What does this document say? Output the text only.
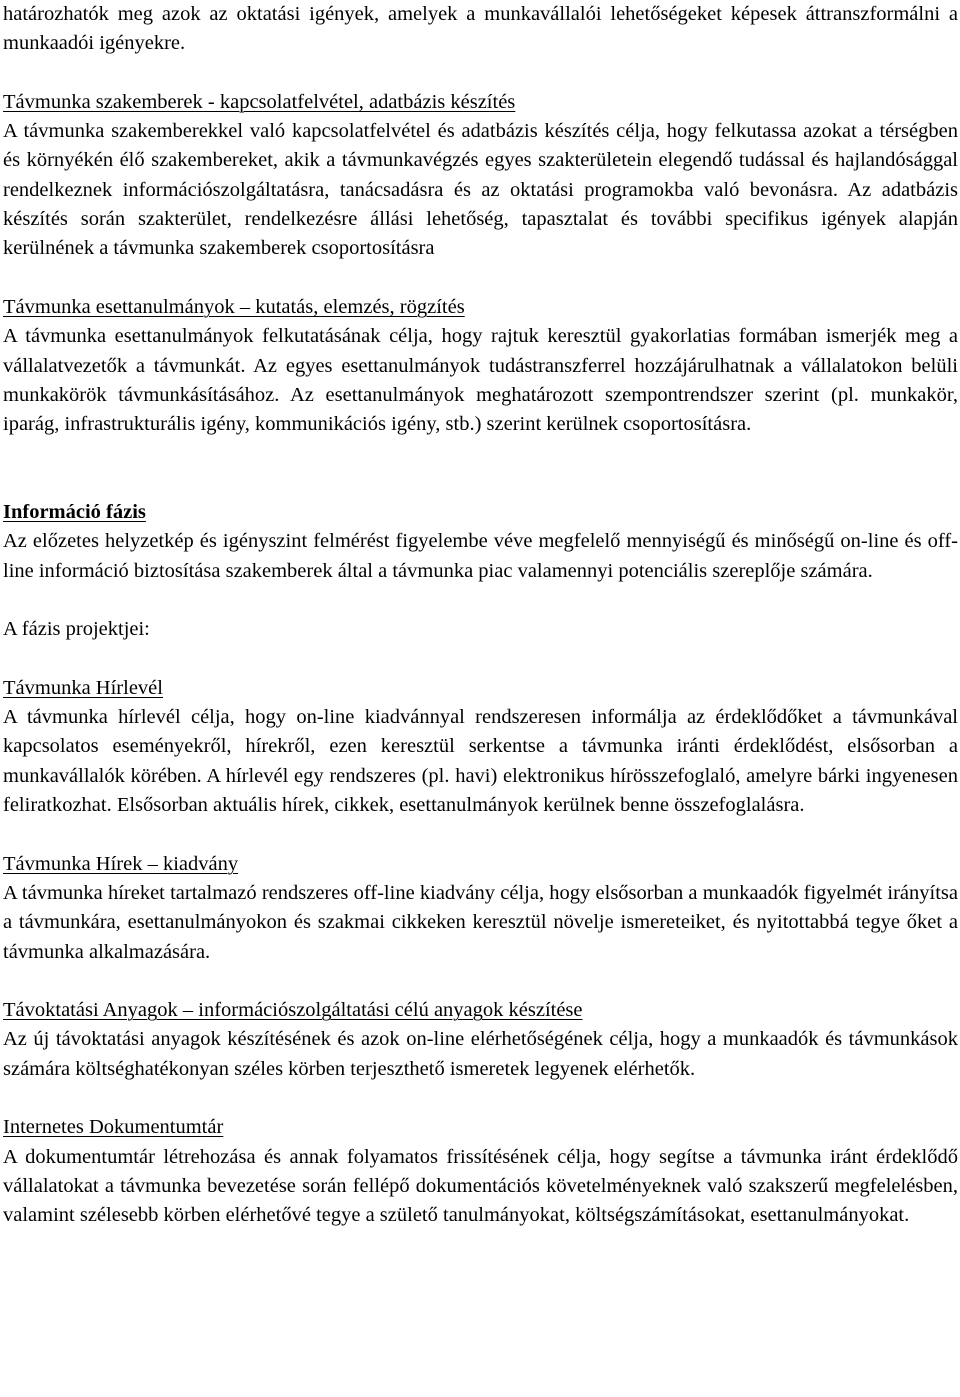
határozhatók meg azok az oktatási igények, amelyek a munkavállalói lehetőségeket képesek áttranszformálni a munkaadói igényekre.

Távmunka szakemberek - kapcsolatfelvétel, adatbázis készítés

A távmunka szakemberekkel való kapcsolatfelvétel és adatbázis készítés célja, hogy felkutassa azokat a térségben és környékén élő szakembereket, akik a távmunkavégzés egyes szakterületein elegendő tudással és hajlandósággal rendelkeznek információszolgáltatásra, tanácsadásra és az oktatási programokba való bevonásra. Az adatbázis készítés során szakterület, rendelkezésre állási lehetőség, tapasztalat és további specifikus igények alapján kerülnének a távmunka szakemberek csoportosításra

Távmunka esettanulmányok – kutatás, elemzés, rögzítés

A távmunka esettanulmányok felkutatásának célja, hogy rajtuk keresztül gyakorlatias formában ismerjék meg a vállalatvezetők a távmunkát. Az egyes esettanulmányok tudástranszferrel hozzájárulhatnak a vállalatokon belüli munkakörök távmunkásításához. Az esettanulmányok meghatározott szempontrendszer szerint (pl. munkakör, iparág, infrastrukturális igény, kommunikációs igény, stb.) szerint kerülnek csoportosításra.

Információ fázis

Az előzetes helyzetkép és igényszint felmérést figyelembe véve megfelelő mennyiségű és minőségű on-line és off-line információ biztosítása szakemberek által a távmunka piac valamennyi potenciális szereplője számára.

A fázis projektjei:

Távmunka Hírlevél

A távmunka hírlevél célja, hogy on-line kiadvánnyal rendszeresen informálja az érdeklődőket a távmunkával kapcsolatos eseményekről, hírekről, ezen keresztül serkentse a távmunka iránti érdeklődést, elsősorban a munkavállalók körében. A hírlevél egy rendszeres (pl. havi) elektronikus hírösszefoglaló, amelyre bárki ingyenesen feliratkozhat. Elsősorban aktuális hírek, cikkek, esettanulmányok kerülnek benne összefoglalásra.

Távmunka Hírek – kiadvány

A távmunka híreket tartalmazó rendszeres off-line kiadvány célja, hogy elsősorban a munkaadók figyelmét irányítsa a távmunkára, esettanulmányokon és szakmai cikkeken keresztül növelje ismereteiket, és nyitottabbá tegye őket a távmunka alkalmazására.

Távoktatási Anyagok – információszolgáltatási célú anyagok készítése

Az új távoktatási anyagok készítésének és azok on-line elérhetőségének célja, hogy a munkaadók és távmunkások számára költséghatékonyan széles körben terjeszthető ismeretek legyenek elérhetők.

Internetes Dokumentumtár

A dokumentumtár létrehozása és annak folyamatos frissítésének célja, hogy segítse a távmunka iránt érdeklődő vállalatokat a távmunka bevezetése során fellépő dokumentációs követelményeknek való szakszerű megfelelésben, valamint szélesebb körben elérhetővé tegye a születő tanulmányokat, költségszámításokat, esettanulmányokat.
